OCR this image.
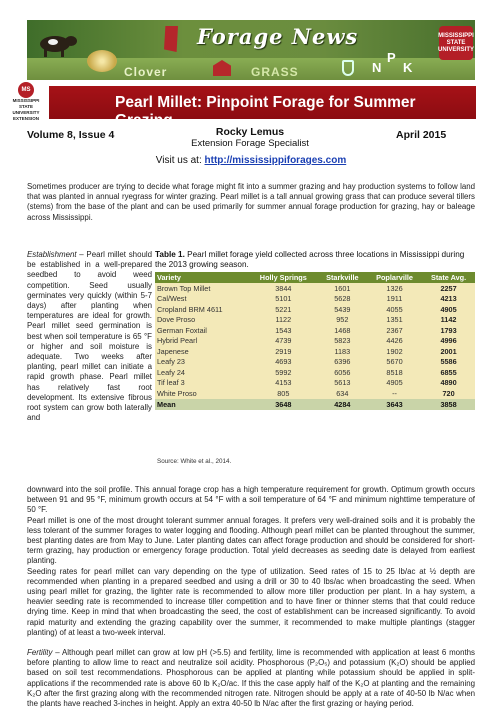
Clover
Forage News
GRASS	N
P
K
MISSISSIPPI STATE UNIVERSITY
MS
MISSISSIPPI STATE UNIVERSITY EXTENSION
Pearl Millet: Pinpoint Forage for Summer Grazing
Volume 8, Issue 4	Rocky Lemus
Extension Forage Specialist
April 2015
Visit us at: http://mississippiforages.com
Sometimes producer are trying to decide what forage might fit into a summer grazing and hay production systems to follow land that was planted in annual ryegrass for winter grazing. Pearl millet is a tall annual growing grass that can produce several tillers (stems) from the base of the plant and can be used primarily for summer annual forage production for grazing, hay or baleage across Mississippi.
Establishment – Pearl millet should be established in a well-prepared seedbed to avoid weed competition. Seed usually germinates very quickly (within 5-7 days) after planting when temperatures are ideal for growth. Pearl millet seed germination is best when soil temperature is 65 °F or higher and soil moisture is adequate. Two weeks after planting, pearl millet can initiate a rapid growth phase. Pearl millet has relatively fast root development. Its extensive fibrous root system can grow both laterally and
Table 1. Pearl millet forage yield collected across three locations in Mississippi during the 2013 growing season.
Variety	Holly Springs	Starkville	Poplarville	State Avg.
Brown Top Millet	3844	1601	1326	2257
Cal/West	5101	5628	1911	4213
Cropland BRM 4611	5221	5439	4055	4905
Dove Proso	1122	952	1351	1142
German Foxtail	1543	1468	2367	1793
Hybrid Pearl	4739	5823	4426	4996
Japenese	2919	1183	1902	2001
Leafy 23	4693	6396	5670	5586
Leafy 24	5992	6056	8518	6855
Tif leaf 3	4153	5613	4905	4890
White Proso	805	634	--	720
Mean	3648	4284	3643	3858
Source: White et al., 2014.
downward into the soil profile. This annual forage crop has a high temperature requirement for growth. Optimum growth occurs between 91 and 95 °F, minimum growth occurs at 54 °F with a soil temperature of 64 °F and minimum nighttime temperature of 50 °F.
Pearl millet is one of the most drought tolerant summer annual forages. It prefers very well-drained soils and it is probably the less tolerant of the summer forages to water logging and flooding. Although pearl millet can be planted throughout the summer, best planting dates are from May to June. Later planting dates can affect forage production and should be considered for short-term grazing, hay production or emergency forage production. Total yield decreases as seeding date is delayed from earliest planting.
Seeding rates for pearl millet can vary depending on the type of utilization. Seed rates of 15 to 25 lb/ac at ½ depth are recommended when planting in a prepared seedbed and using a drill or 30 to 40 lbs/ac when broadcasting the seed. When using pearl millet for grazing, the lighter rate is recommended to allow more tiller production per plant. In a hay system, a heavier seeding rate is recommended to increase tiller competition and to have finer or thinner stems that that could reduce drying time. Keep in mind that when broadcasting the seed, the cost of establishment can be increased significantly. To avoid rapid maturity and extending the grazing capability over the summer, it recommended to make multiple plantings (stagger planting) of at least a two-week interval.
Fertility – Although pearl millet can grow at low pH (>5.5) and fertility, lime is recommended with application at least 6 months before planting to allow lime to react and neutralize soil acidity. Phosphorous (P₂O₅) and potassium (K₂O) should be applied based on soil test recommendations. Phosphorous can be applied at planting while potassium should be applied in split-applications if the recommended rate is above 60 lb K₂O/ac. If this the case apply half of the K₂O at planting and the remaining K₂O after the first grazing along with the recommended nitrogen rate. Nitrogen should be apply at a rate of 40-50 lb N/ac when the plants have reached 3-inches in height. Apply an extra 40-50 lb N/ac after the first grazing or haying period.
